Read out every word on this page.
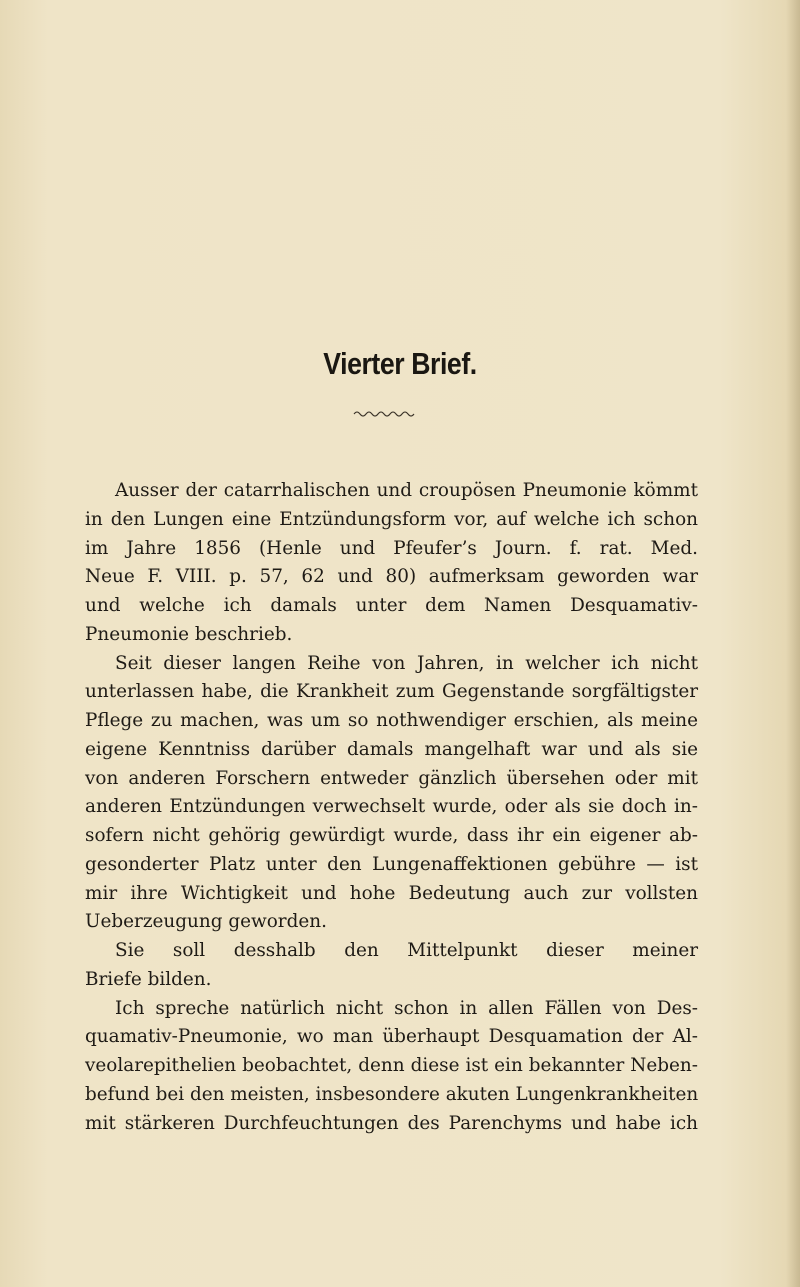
Vierter Brief.
Ausser der catarrhalischen und croupösen Pneumonie kömmt
in den Lungen eine Entzündungsform vor, auf welche ich schon
im Jahre 1856 (Henle und Pfeufer’s Journ. f. rat. Med.
Neue F. VIII. p. 57, 62 und 80) aufmerksam geworden war
und welche ich damals unter dem Namen Desquamativ-
Pneumonie beschrieb.
Seit dieser langen Reihe von Jahren, in welcher ich nicht
unterlassen habe, die Krankheit zum Gegenstande sorgfältigster
Pflege zu machen, was um so nothwendiger erschien, als meine
eigene Kenntniss darüber damals mangelhaft war und als sie
von anderen Forschern entweder gänzlich übersehen oder mit
anderen Entzündungen verwechselt wurde, oder als sie doch in-
sofern nicht gehörig gewürdigt wurde, dass ihr ein eigener ab-
gesonderter Platz unter den Lungenaffektionen gebühre — ist
mir ihre Wichtigkeit und hohe Bedeutung auch zur vollsten
Ueberzeugung geworden.
Sie soll desshalb den Mittelpunkt dieser meiner
Briefe bilden.
Ich spreche natürlich nicht schon in allen Fällen von Des-
quamativ-Pneumonie, wo man überhaupt Desquamation der Al-
veolarepithelien beobachtet, denn diese ist ein bekannter Neben-
befund bei den meisten, insbesondere akuten Lungenkrankheiten
mit stärkeren Durchfeuchtungen des Parenchyms und habe ich
